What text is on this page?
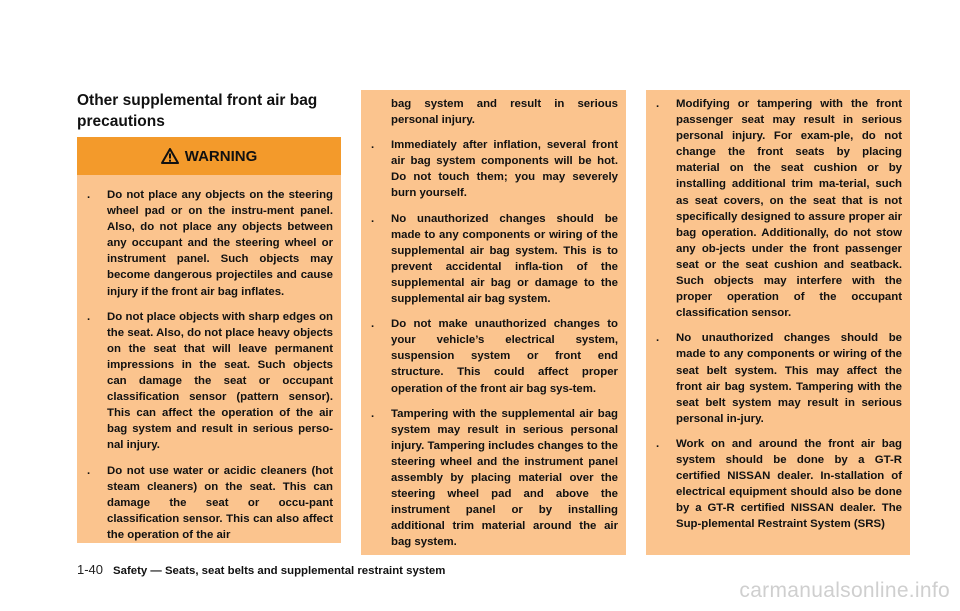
Other supplemental front air bag precautions
WARNING
. Do not place any objects on the steering wheel pad or on the instru-ment panel. Also, do not place any objects between any occupant and the steering wheel or instrument panel. Such objects may become dangerous projectiles and cause injury if the front air bag inflates.
. Do not place objects with sharp edges on the seat. Also, do not place heavy objects on the seat that will leave permanent impressions in the seat. Such objects can damage the seat or occupant classification sensor (pattern sensor). This can affect the operation of the air bag system and result in serious perso-nal injury.
. Do not use water or acidic cleaners (hot steam cleaners) on the seat. This can damage the seat or occu-pant classification sensor. This can also affect the operation of the air

bag system and result in serious personal injury.

. Immediately after inflation, several front air bag system components will be hot. Do not touch them; you may severely burn yourself.
. No unauthorized changes should be made to any components or wiring of the supplemental air bag system. This is to prevent accidental infla-tion of the supplemental air bag or damage to the supplemental air bag system.
. Do not make unauthorized changes to your vehicle’s electrical system, suspension system or front end structure. This could affect proper operation of the front air bag sys-tem.
. Tampering with the supplemental air bag system may result in serious personal injury. Tampering includes changes to the steering wheel and the instrument panel assembly by placing material over the steering wheel pad and above the instrument panel or by installing additional trim material around the air bag system.
. Modifying or tampering with the front passenger seat may result in serious personal injury. For exam-ple, do not change the front seats by placing material on the seat cushion or by installing additional trim ma-terial, such as seat covers, on the seat that is not specifically designed to assure proper air bag operation. Additionally, do not stow any ob-jects under the front passenger seat or the seat cushion and seatback. Such objects may interfere with the proper operation of the occupant classification sensor.
. No unauthorized changes should be made to any components or wiring of the seat belt system. This may affect the front air bag system. Tampering with the seat belt system may result in serious personal in-jury.
. Work on and around the front air bag system should be done by a GT-R certified NISSAN dealer. In-stallation of electrical equipment should also be done by a GT-R certified NISSAN dealer. The Sup-plemental Restraint System (SRS)
1-40 Safety — Seats, seat belts and supplemental restraint system
carmanualsonline.info
